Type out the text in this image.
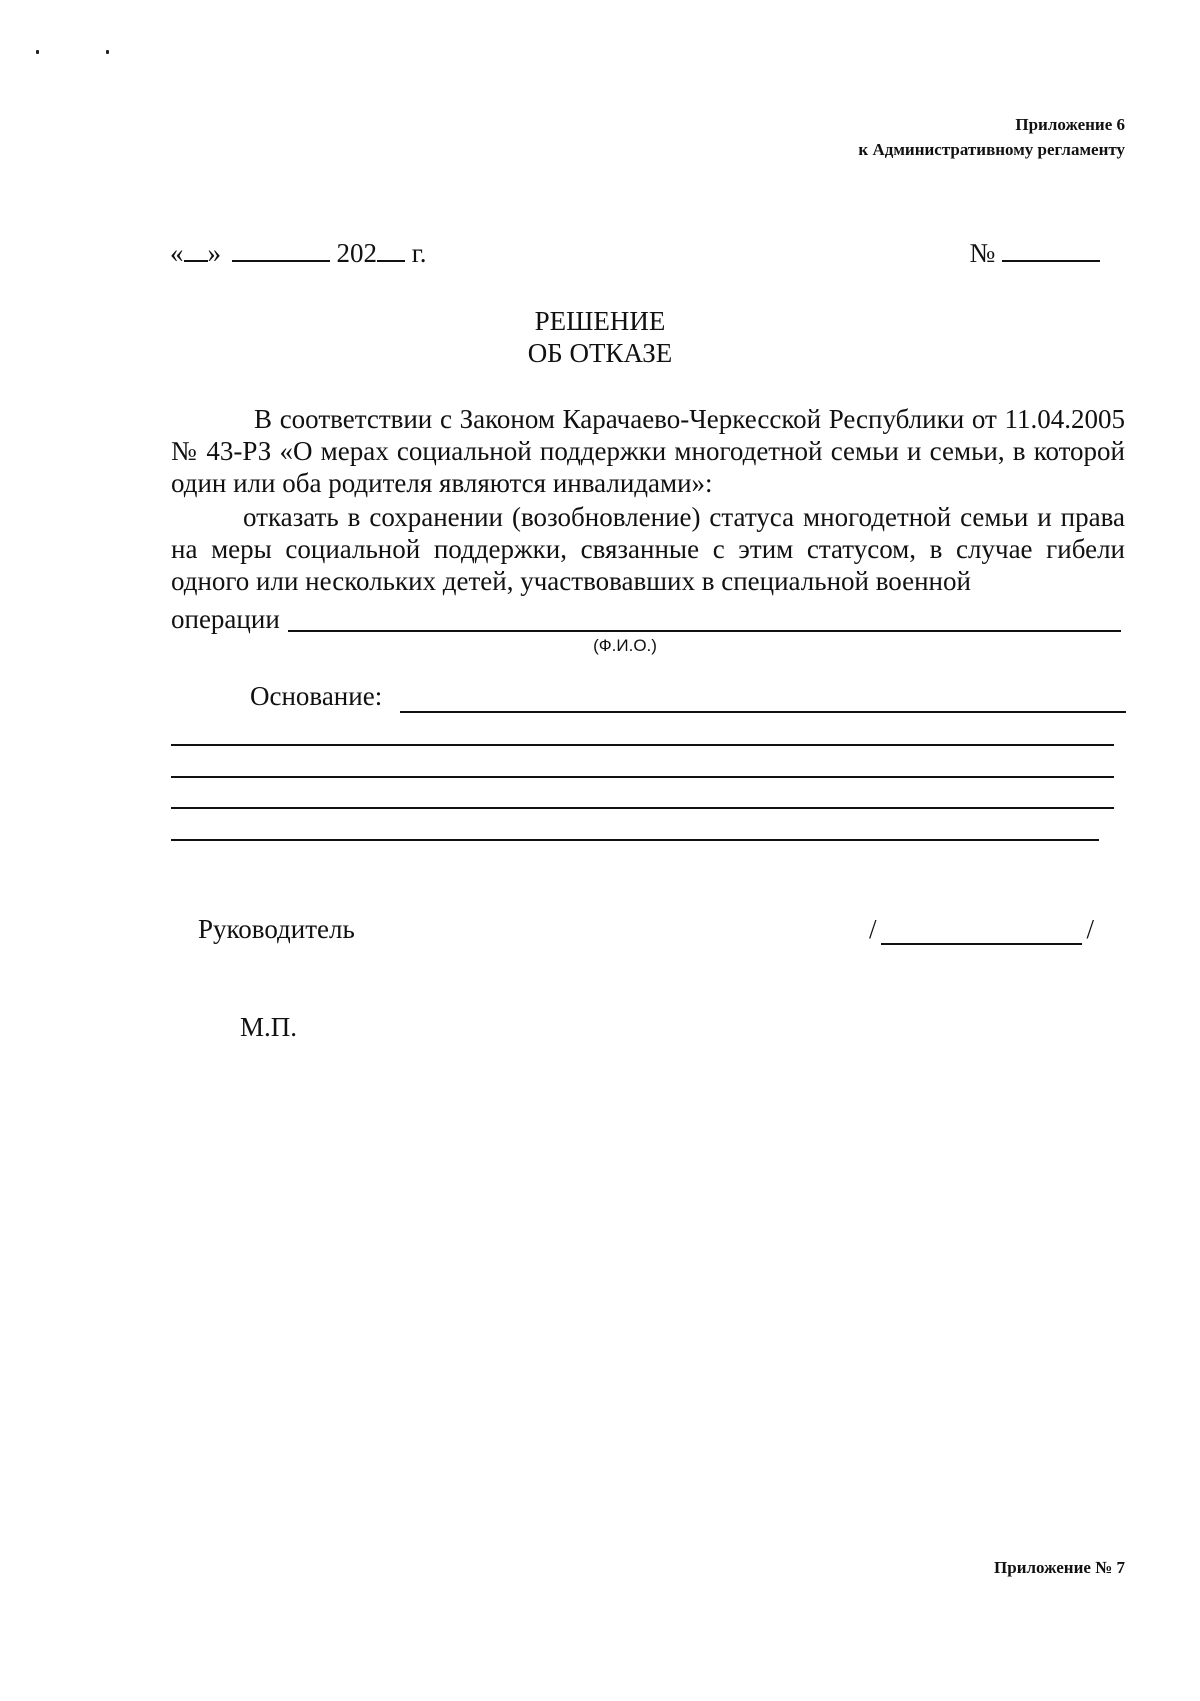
Приложение 6
к Административному регламенту
« »	202 г.	№
РЕШЕНИЕ
ОБ ОТКАЗЕ
В соответствии с Законом Карачаево-Черкесской Республики от 11.04.2005 № 43-РЗ «О мерах социальной поддержки многодетной семьи и семьи, в которой один или оба родителя являются инвалидами»:
отказать в сохранении (возобновление) статуса многодетной семьи и права на меры социальной поддержки, связанные с этим статусом, в случае гибели одного или нескольких детей, участвовавших в специальной военной
операции
(Ф.И.О.)
Основание:
Руководитель	/	/
М.П.
Приложение № 7
